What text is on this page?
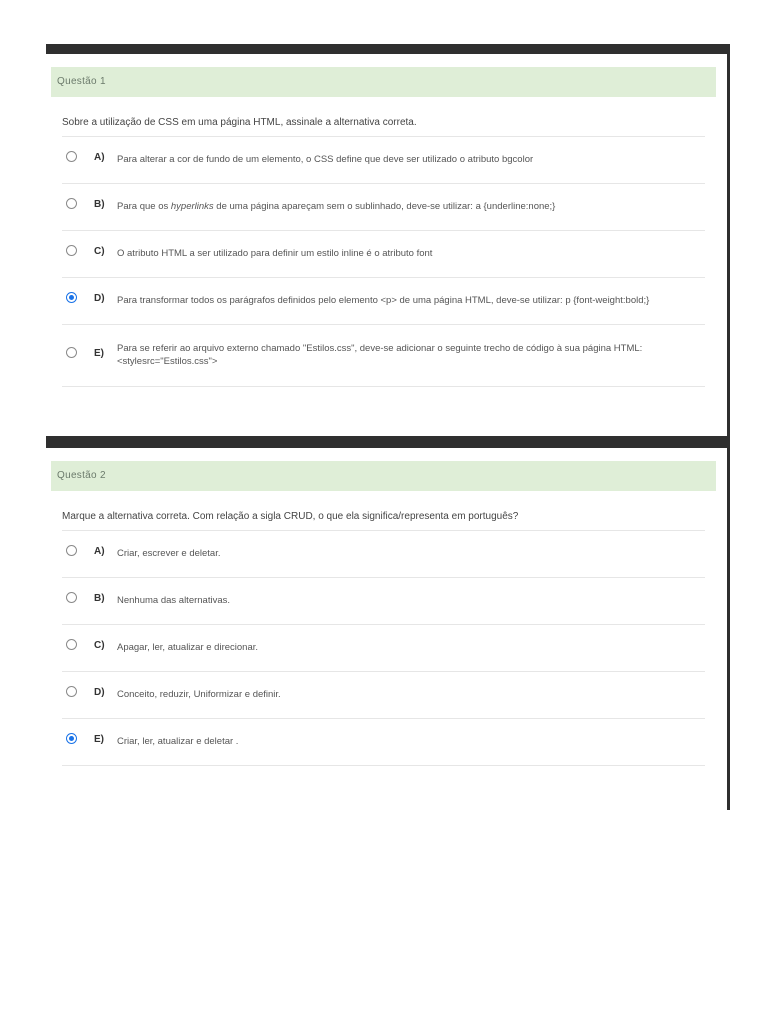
Questão 1
Sobre a utilização de CSS em uma página HTML, assinale a alternativa correta.
A) Para alterar a cor de fundo de um elemento, o CSS define que deve ser utilizado o atributo bgcolor
B) Para que os hyperlinks de uma página apareçam sem o sublinhado, deve-se utilizar: a {underline:none;}
C) O atributo HTML a ser utilizado para definir um estilo inline é o atributo font
D) Para transformar todos os parágrafos definidos pelo elemento <p> de uma página HTML, deve-se utilizar: p {font-weight:bold;}
E) Para se referir ao arquivo externo chamado "Estilos.css", deve-se adicionar o seguinte trecho de código à sua página HTML:
<stylesrc="Estilos.css">
Questão 2
Marque a alternativa correta. Com relação a sigla CRUD, o que ela significa/representa em português?
A) Criar, escrever e deletar.
B) Nenhuma das alternativas.
C) Apagar, ler, atualizar e direcionar.
D) Conceito, reduzir, Uniformizar e definir.
E) Criar, ler, atualizar e deletar .
